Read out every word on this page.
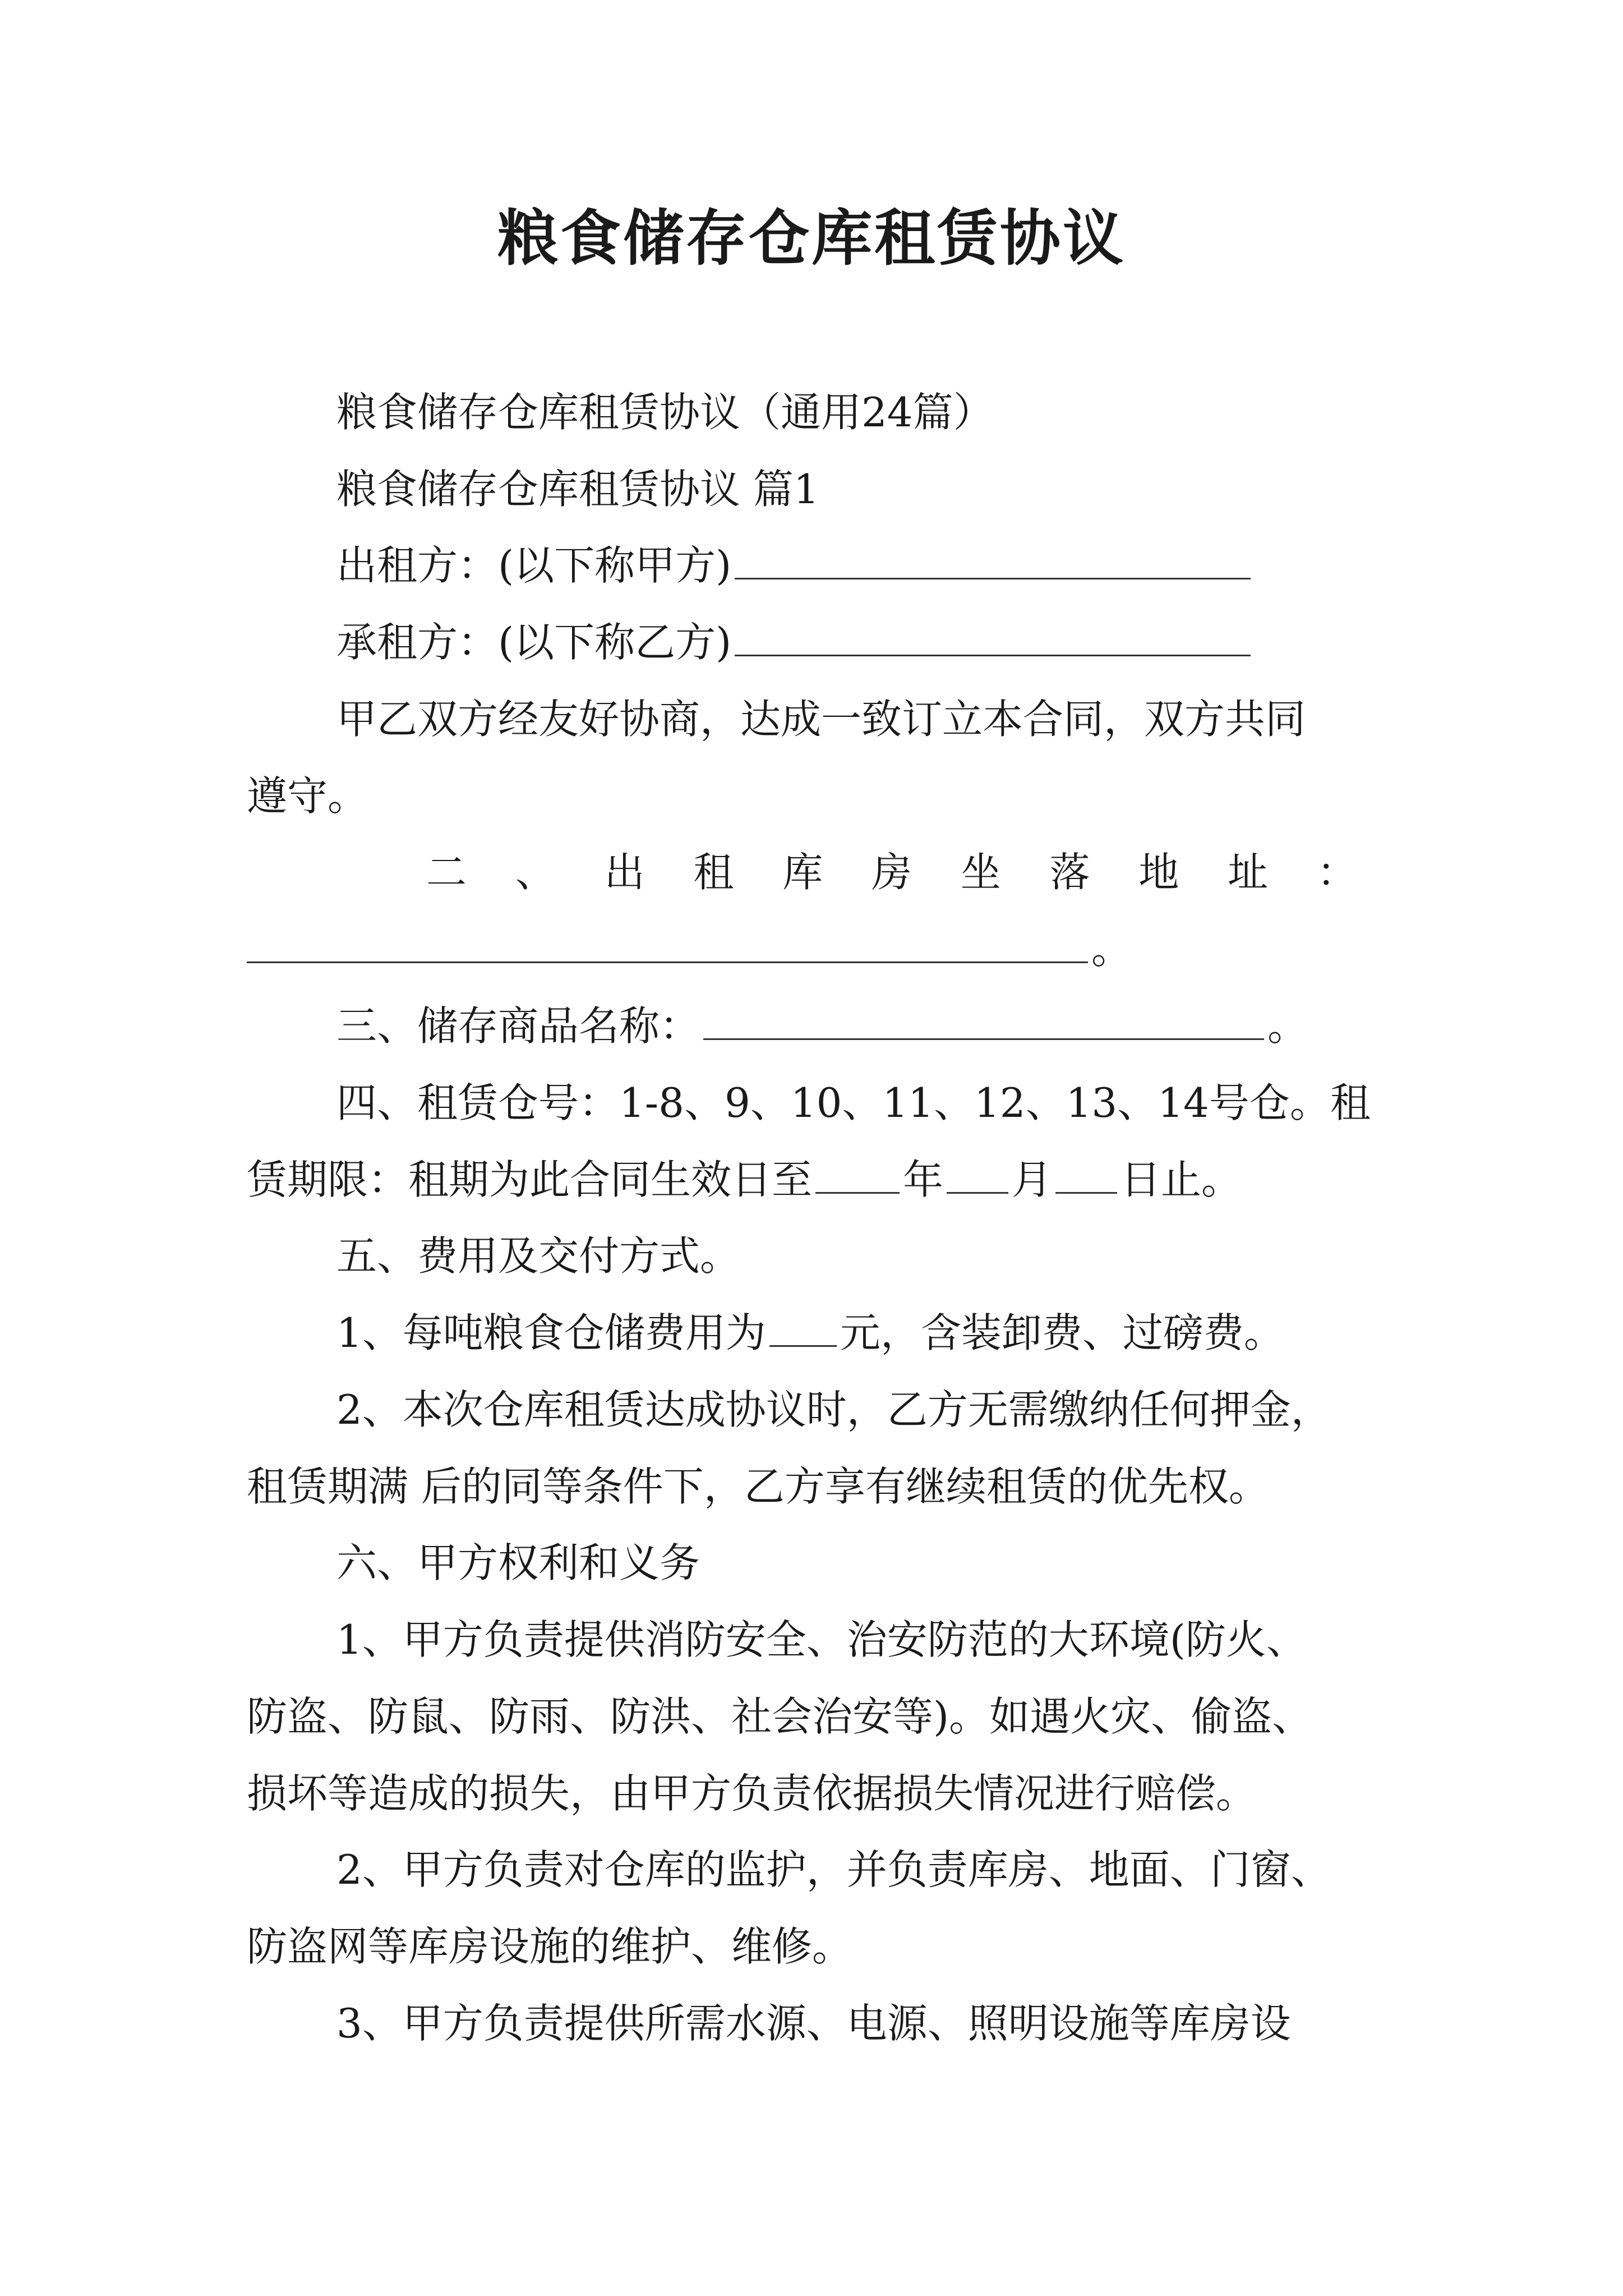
粮食储存仓库租赁协议
粮食储存仓库租赁协议（通用24篇）
粮食储存仓库租赁协议 篇1
出租方：(以下称甲方)
承租方：(以下称乙方)
甲乙双方经友好协商，达成一致订立本合同，双方共同
遵守。
二 、 出 租 库 房 坐 落 地 址 ：
。
三、储存商品名称：	。
四、租赁仓号：1-8、9、10、11、12、13、14号仓。租
赁期限：租期为此合同生效日至 年 月 日止。
五、费用及交付方式。
1、每吨粮食仓储费用为 元，含装卸费、过磅费。
2、本次仓库租赁达成协议时，乙方无需缴纳任何押金，
租赁期满 后的同等条件下，乙方享有继续租赁的优先权。
六、甲方权利和义务
1、甲方负责提供消防安全、治安防范的大环境(防火、
防盗、防鼠、防雨、防洪、社会治安等)。如遇火灾、偷盗、
损坏等造成的损失，由甲方负责依据损失情况进行赔偿。
2、甲方负责对仓库的监护，并负责库房、地面、门窗、
防盗网等库房设施的维护、维修。
3、甲方负责提供所需水源、电源、照明设施等库房设
